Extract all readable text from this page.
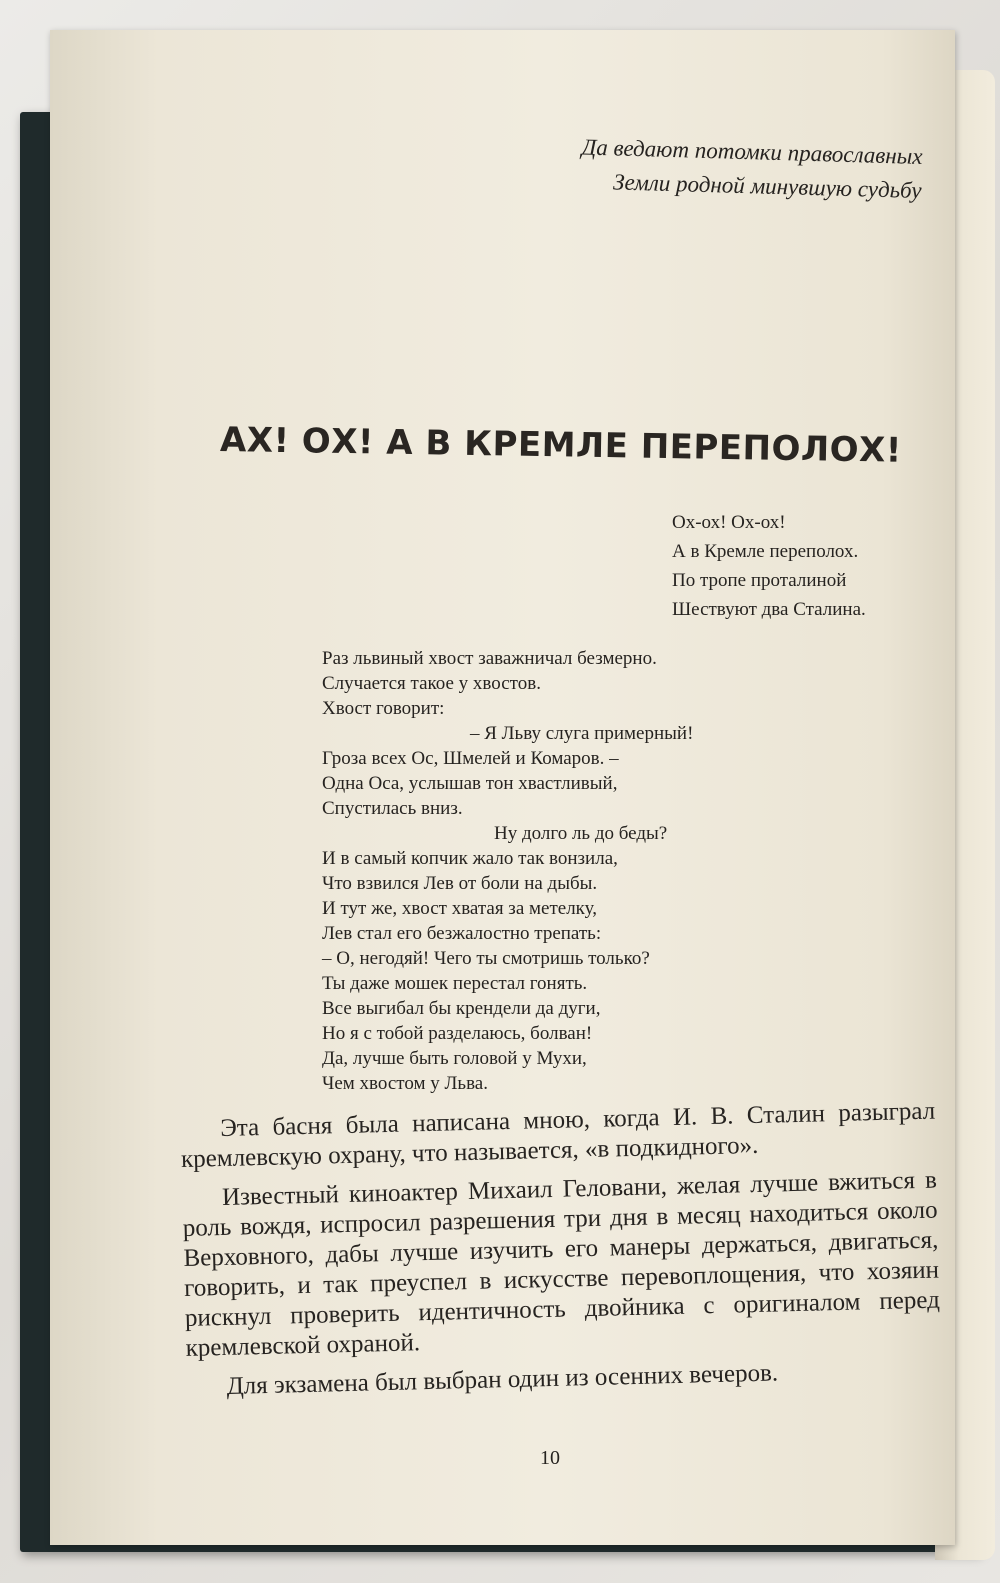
Да ведают потомки православных
Земли родной минувшую судьбу
АХ! ОХ! А В КРЕМЛЕ ПЕРЕПОЛОХ!
Ох-ох! Ох-ох!
А в Кремле переполох.
По тропе проталиной
Шествуют два Сталина.
Раз львиный хвост заважничал безмерно.
Случается такое у хвостов.
Хвост говорит:
– Я Льву слуга примерный!
Гроза всех Ос, Шмелей и Комаров. –
Одна Оса, услышав тон хвастливый,
Спустилась вниз.
Ну долго ль до беды?
И в самый копчик жало так вонзила,
Что взвился Лев от боли на дыбы.
И тут же, хвост хватая за метелку,
Лев стал его безжалостно трепать:
– О, негодяй! Чего ты смотришь только?
Ты даже мошек перестал гонять.
Все выгибал бы крендели да дуги,
Но я с тобой разделаюсь, болван!
Да, лучше быть головой у Мухи,
Чем хвостом у Льва.

Эта басня была написана мною, когда И. В. Сталин разыграл кремлевскую охрану, что называется, «в подкидного».

Известный киноактер Михаил Геловани, желая лучше вжиться в роль вождя, испросил разрешения три дня в месяц находиться около Верховного, дабы лучше изучить его манеры держаться, двигаться, говорить, и так преуспел в искусстве перевоплощения, что хозяин рискнул проверить идентичность двойника с оригиналом перед кремлевской охраной.

Для экзамена был выбран один из осенних вечеров.

10
